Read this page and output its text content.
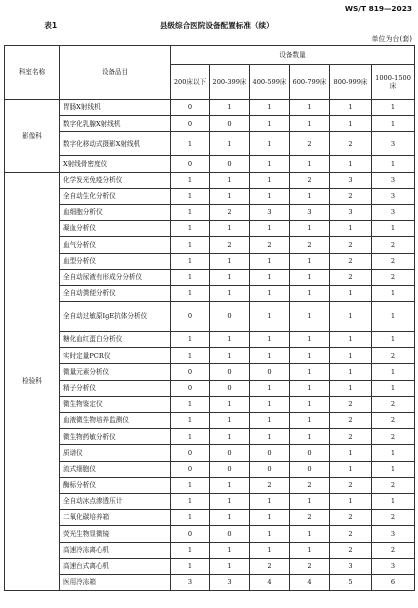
WS/T 819—2023
表1	县级综合医院设备配置标准（续）
单位为台(套)
科室名称	设备品目	设备数量					
		200床以下	200-399床	400-599床	600-799床	800-999床	1000-1500床
影像科	胃肠X射线机	0	1	1	1	1	1
	数字化乳腺X射线机	0	0	1	1	1	1
	数字化移动式摄影X射线机	1	1	1	2	2	3
	X射线骨密度仪	0	0	1	1	1	1
检验科	化学发光免疫分析仪	1	1	1	2	3	3
	全自动生化分析仪	1	1	1	1	2	3
	血细胞分析仪	1	2	3	3	3	3
	凝血分析仪	1	1	1	1	1	1
	血气分析仪	1	2	2	2	2	2
	血型分析仪	1	1	1	1	2	2
	全自动尿液有形成分分析仪	1	1	1	1	2	2
	全自动粪便分析仪	1	1	1	1	1	1
	全自动过敏原IgE抗体分析仪	0	0	1	1	1	1
	糖化血红蛋白分析仪	1	1	1	1	1	1
	实时定量PCR仪	1	1	1	1	1	2
	微量元素分析仪	0	0	0	1	1	1
	精子分析仪	0	0	1	1	1	1
	微生物鉴定仪	1	1	1	1	2	2
	血液微生物培养监测仪	1	1	1	1	2	2
	微生物药敏分析仪	1	1	1	1	2	2
	质谱仪	0	0	0	0	1	1
	流式细胞仪	0	0	0	0	1	1
	酶标分析仪	1	1	2	2	2	2
	全自动冰点渗透压计	1	1	1	1	1	1
	二氧化碳培养箱	1	1	1	2	2	2
	荧光生物显微镜	0	0	1	1	2	3
	高速冷冻离心机	1	1	1	1	2	2
	高速台式离心机	1	1	2	2	3	3
	医用冷冻箱	3	3	4	4	5	6
